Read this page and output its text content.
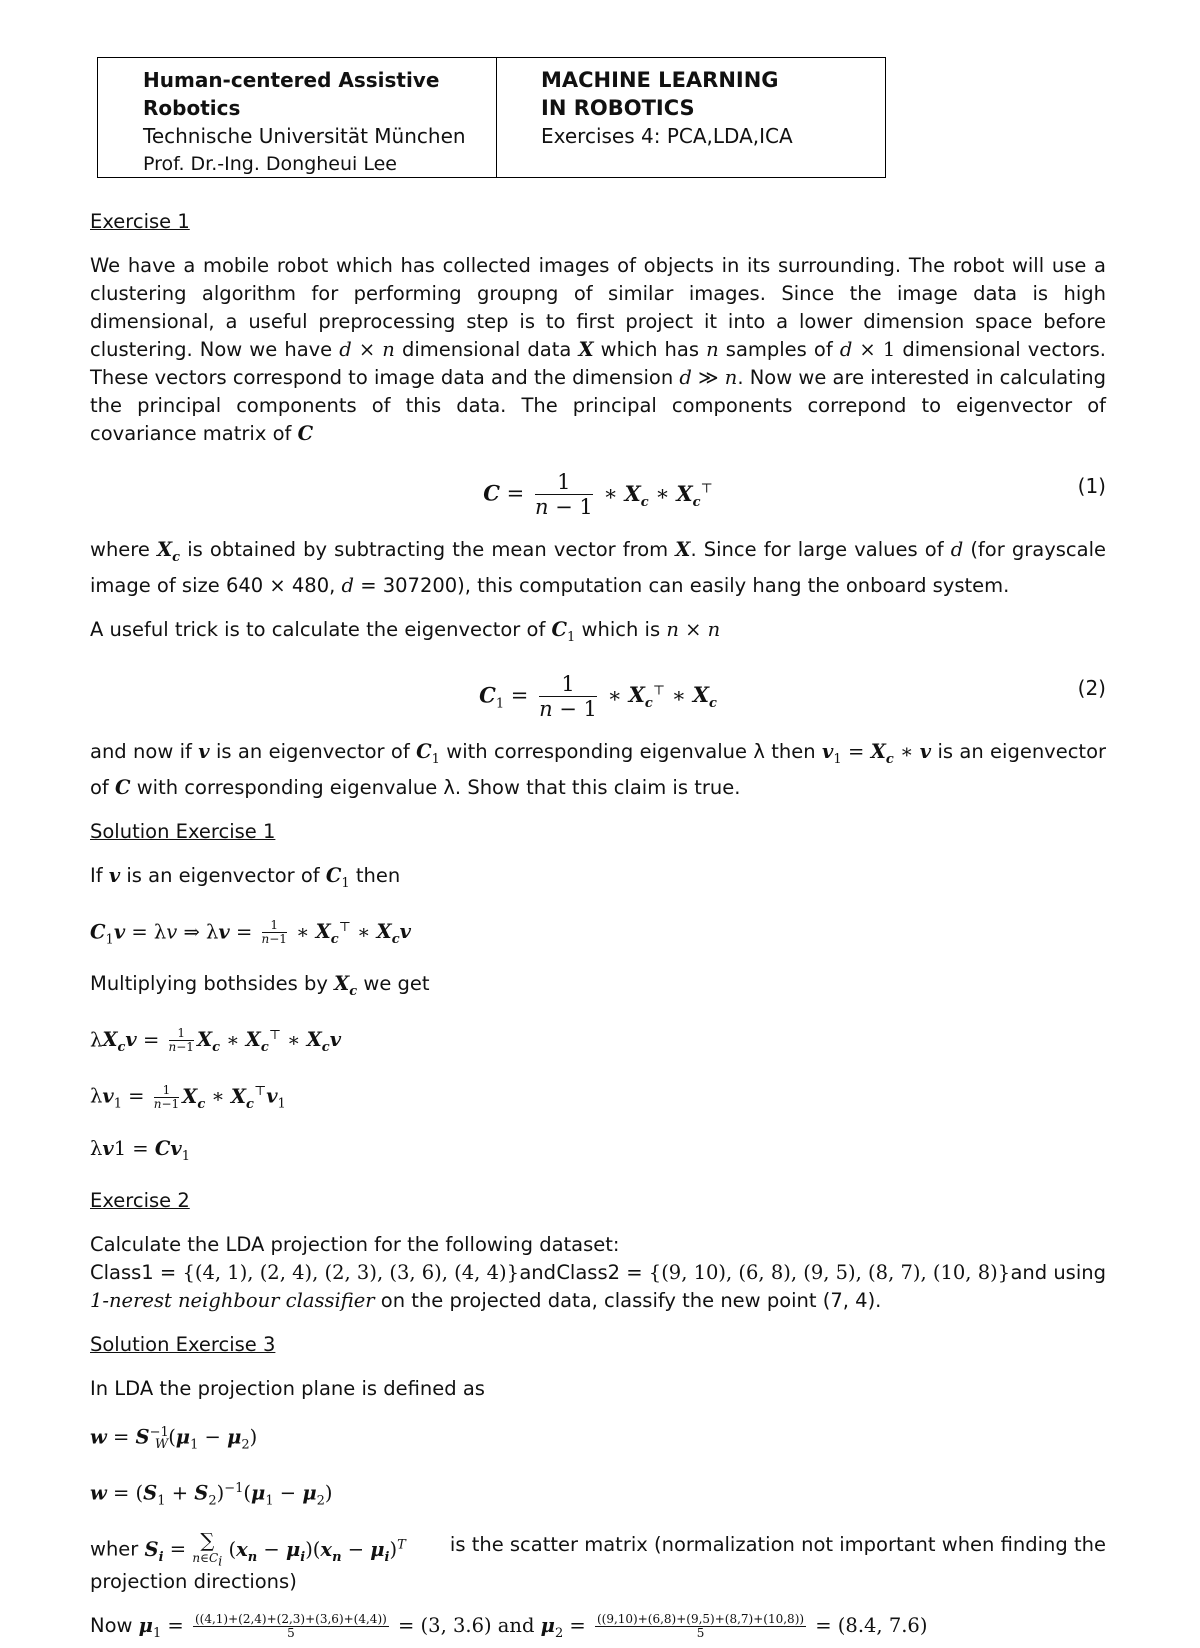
Human-centered Assistive
Robotics
Technische Universität München
Prof. Dr.-Ing. Dongheui Lee
MACHINE LEARNING
IN ROBOTICS
Exercises 4: PCA,LDA,ICA
Exercise 1

We have a mobile robot which has collected images of objects in its surrounding. The robot will use a clustering algorithm for performing groupng of similar images. Since the image data is high dimensional, a useful preprocessing step is to first project it into a lower dimension space before clustering. Now we have d × n dimensional data X which has n samples of d × 1 dimensional vectors. These vectors correspond to image data and the dimension d ≫ n. Now we are interested in calculating the principal components of this data. The principal components correpond to eigenvector of covariance matrix of C

$C = \frac{1}{n - 1}$ ∗ $X_c$ ∗ $X_c^⊤$	(1)

where $X_c$ is obtained by subtracting the mean vector from X. Since for large values of d (for grayscale image of size 640 × 480, d = 307200), this computation can easily hang the onboard system.

A useful trick is to calculate the eigenvector of $C_1$ which is n × n

$C_1 = \frac{1}{n - 1}$ ∗ $X_c^⊤$ ∗ $X_c$
(2)

and now if v is an eigenvector of $C_1$ with corresponding eigenvalue λ then $v_1 = X_c$ ∗ v is an eigenvector of C with corresponding eigenvalue λ. Show that this claim is true.

Solution Exercise 1
If v is an eigenvector of $C_1$ then
$C_1v = \lambda v$ ⇒ $\lambda v = \frac{1}{n-1}$ ∗ $X_c^⊤$ ∗ $X_cv$
Multiplying bothsides by $X_c$ we get
$\lambda X_cv = \frac{1}{n-1} X_c$ ∗ $X_c^⊤$ ∗ $X_cv$
$\lambda v_1 = \frac{1}{n-1} X_c$ ∗ $X_c^⊤v_1$
$\lambda v1 = Cv_1$
Exercise 2
Calculate the LDA projection for the following dataset:
Class1 = {(4, 1), (2, 4), (2, 3), (3, 6), (4, 4)} and Class2 = {(9, 10), (6, 8), (9, 5), (8, 7), (10, 8)} and using
1-nerest neighbour classifier on the projected data, classify the new point (7, 4).
Solution Exercise 3
In LDA the projection plane is defined as
$w = S^{-1}_W(\mu_1 - \mu_2)$
$w = (S_1 + S_2)^{-1}(\mu_1 - \mu_2)$
wher $S_i$ = ∑
$n\in C_i$
$(x_n - \mu_i)(x_n - \mu_i)^T$ is the scatter matrix (normalization not important when finding the
projection directions)
Now $\mu_1 = \frac{((4,1)+(2,4)+(2,3)+(3,6)+(4,4))}{5} = (3$, 3.6) and $\mu_2 = \frac{((9,10)+(6,8)+(9,5)+(8,7)+(10,8))}{5} = (8.4$, 7.6)
